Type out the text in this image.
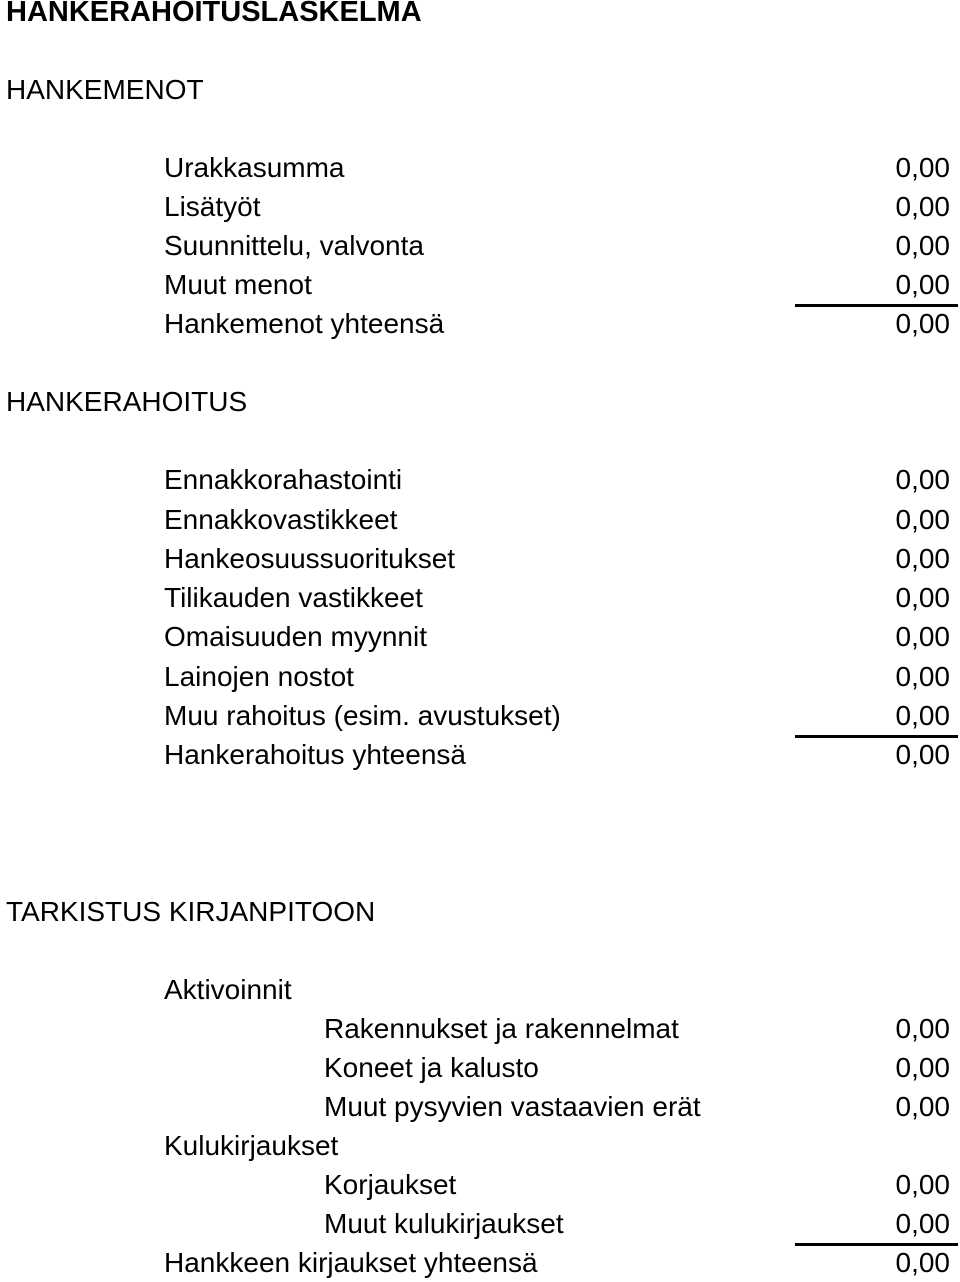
HANKERAHOITUSLASKELMA
HANKEMENOT
Urakkasumma	0,00
Lisätyöt	0,00
Suunnittelu, valvonta	0,00
Muut menot	0,00
Hankemenot yhteensä	0,00
HANKERAHOITUS
Ennakkorahastointi	0,00
Ennakkovastikkeet	0,00
Hankeosuussuoritukset	0,00
Tilikauden vastikkeet	0,00
Omaisuuden myynnit	0,00
Lainojen nostot	0,00
Muu rahoitus (esim. avustukset)	0,00
Hankerahoitus yhteensä	0,00
TARKISTUS KIRJANPITOON
Aktivoinnit
Rakennukset ja rakennelmat	0,00
Koneet ja kalusto	0,00
Muut pysyvien vastaavien erät	0,00
Kulukirjaukset
Korjaukset	0,00
Muut kulukirjaukset	0,00
Hankkeen kirjaukset yhteensä	0,00
